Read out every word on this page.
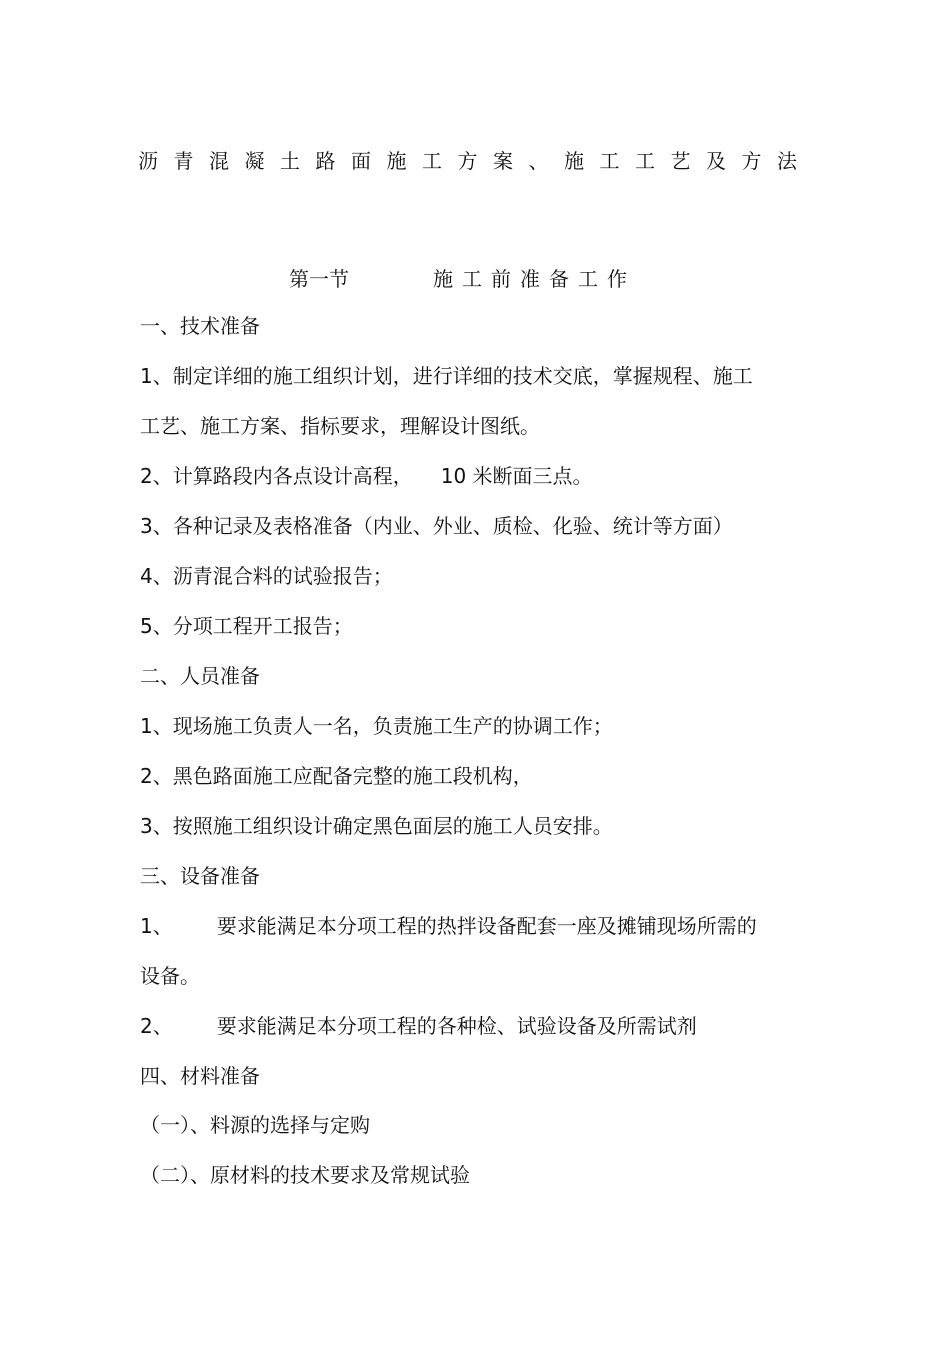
沥青混凝土路面施工方案、施工工艺及方法
第一节	施工前准备工作
一、技术准备
1、制定详细的施工组织计划，进行详细的技术交底，掌握规程、施工
工艺、施工方案、指标要求，理解设计图纸。
2、计算路段内各点设计高程， 10 米断面三点。
3、各种记录及表格准备（内业、外业、质检、化验、统计等方面）
4、沥青混合料的试验报告；
5、分项工程开工报告；
二、人员准备
1、现场施工负责人一名，负责施工生产的协调工作；
2、黑色路面施工应配备完整的施工段机构，
3、按照施工组织设计确定黑色面层的施工人员安排。
三、设备准备
1、 要求能满足本分项工程的热拌设备配套一座及摊铺现场所需的
设备。
2、 要求能满足本分项工程的各种检、试验设备及所需试剂
四、材料准备
（一）、料源的选择与定购
（二）、原材料的技术要求及常规试验
